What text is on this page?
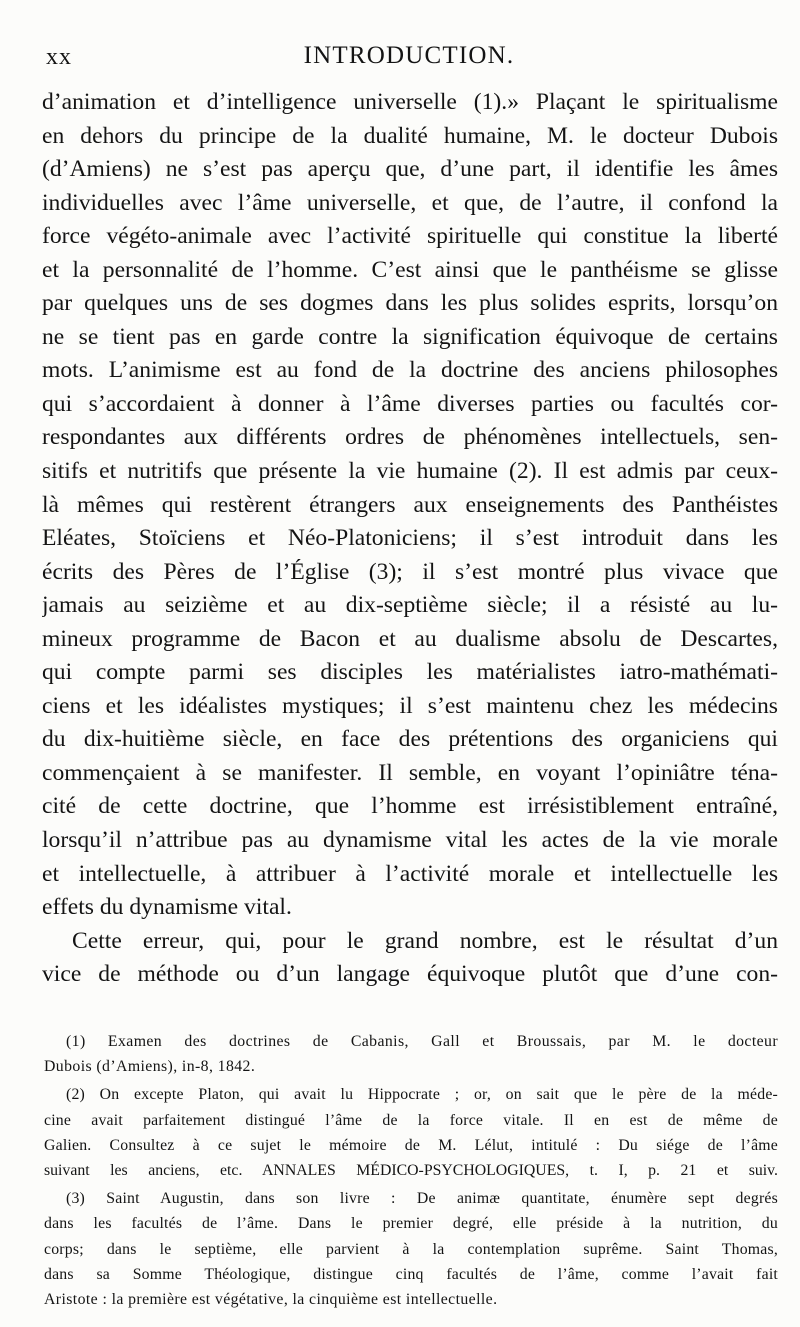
xx	INTRODUCTION.
d’animation et d’intelligence universelle (1).» Plaçant le spiritualisme
en dehors du principe de la dualité humaine, M. le docteur Dubois
(d’Amiens) ne s’est pas aperçu que, d’une part, il identifie les âmes
individuelles avec l’âme universelle, et que, de l’autre, il confond la
force végéto-animale avec l’activité spirituelle qui constitue la liberté
et la personnalité de l’homme. C’est ainsi que le panthéisme se glisse
par quelques uns de ses dogmes dans les plus solides esprits, lorsqu’on
ne se tient pas en garde contre la signification équivoque de certains
mots. L’animisme est au fond de la doctrine des anciens philosophes
qui s’accordaient à donner à l’âme diverses parties ou facultés cor-
respondantes aux différents ordres de phénomènes intellectuels, sen-
sitifs et nutritifs que présente la vie humaine (2). Il est admis par ceux-
là mêmes qui restèrent étrangers aux enseignements des Panthéistes
Eléates, Stoïciens et Néo-Platoniciens; il s’est introduit dans les
écrits des Pères de l’Église (3); il s’est montré plus vivace que
jamais au seizième et au dix-septième siècle; il a résisté au lu-
mineux programme de Bacon et au dualisme absolu de Descartes,
qui compte parmi ses disciples les matérialistes iatro-mathémati-
ciens et les idéalistes mystiques; il s’est maintenu chez les médecins
du dix-huitième siècle, en face des prétentions des organiciens qui
commençaient à se manifester. Il semble, en voyant l’opiniâtre téna-
cité de cette doctrine, que l’homme est irrésistiblement entraîné,
lorsqu’il n’attribue pas au dynamisme vital les actes de la vie morale
et intellectuelle, à attribuer à l’activité morale et intellectuelle les
effets du dynamisme vital.
Cette erreur, qui, pour le grand nombre, est le résultat d’un
vice de méthode ou d’un langage équivoque plutôt que d’une con-
(1) Examen des doctrines de Cabanis, Gall et Broussais, par M. le docteur
Dubois (d’Amiens), in-8, 1842.
(2) On excepte Platon, qui avait lu Hippocrate ; or, on sait que le père de la méde-
cine avait parfaitement distingué l’âme de la force vitale. Il en est de même de
Galien. Consultez à ce sujet le mémoire de M. Lélut, intitulé : Du siége de l’âme
suivant les anciens, etc. ANNALES MÉDICO-PSYCHOLOGIQUES, t. I, p. 21 et suiv.
(3) Saint Augustin, dans son livre : De animæ quantitate, énumère sept degrés
dans les facultés de l’âme. Dans le premier degré, elle préside à la nutrition, du
corps; dans le septième, elle parvient à la contemplation suprême. Saint Thomas,
dans sa Somme Théologique, distingue cinq facultés de l’âme, comme l’avait fait
Aristote : la première est végétative, la cinquième est intellectuelle.
